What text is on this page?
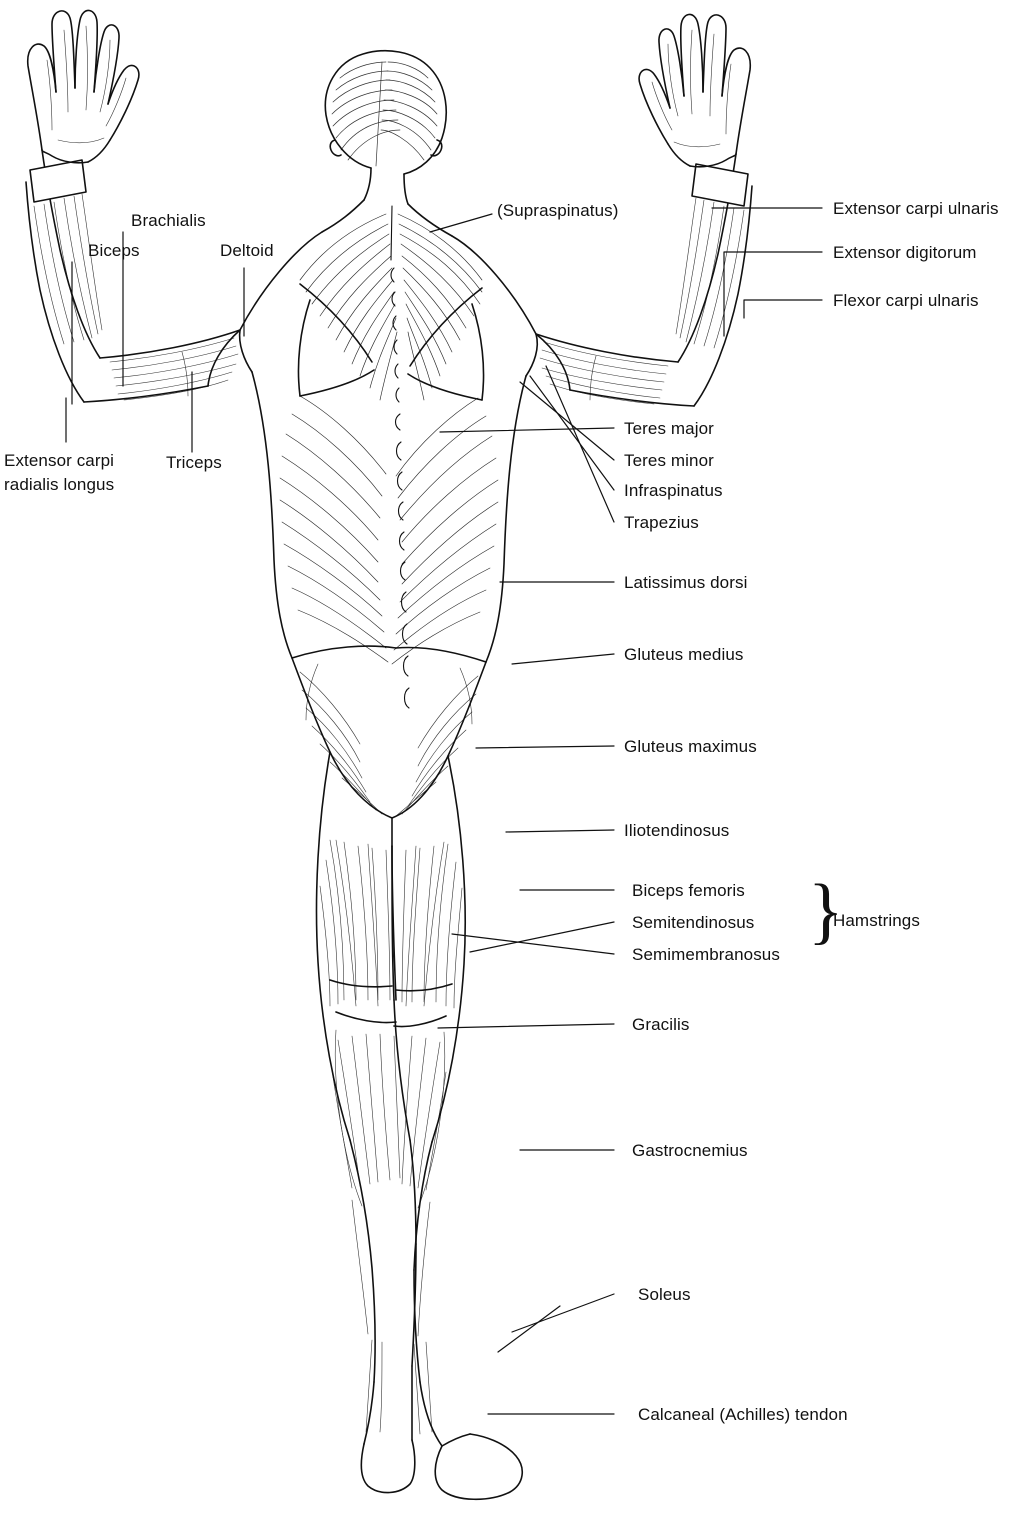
Biceps
Brachialis
Deltoid
(Supraspinatus)	Extensor carpi ulnaris
Extensor digitorum
Flexor carpi ulnaris
Extensor carpi
radialis longus
Triceps
Teres major
Teres minor
Infraspinatus
Trapezius
Latissimus dorsi
Gluteus medius
Gluteus maximus
Iliotendinosus
Biceps femoris
Semitendinosus
Semimembranosus
}
Hamstrings
Gracilis
Gastrocnemius
Soleus
Calcaneal (Achilles) tendon
